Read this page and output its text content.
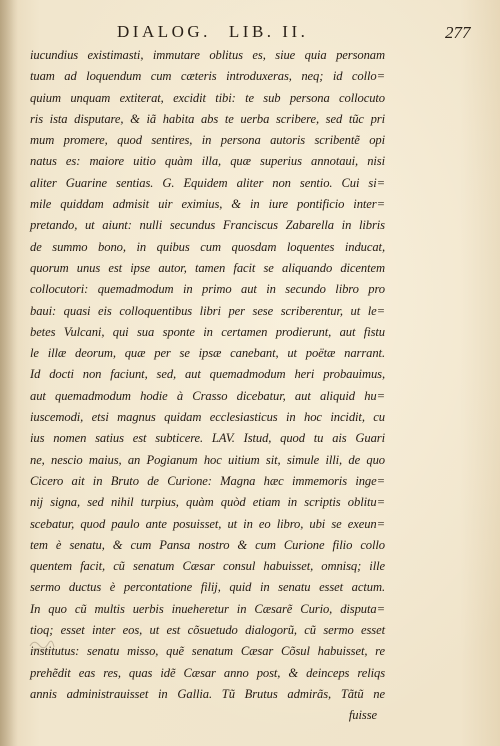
DIALOG. LIB. II.	277
iucundius existimasti, immutare oblitus es, siue quia personam
tuam ad loquendum cum cæteris introduxeras, neq; id collo=
quium unquam extiterat, excidit tibi: te sub persona collocuto
ris ista disputare, & iã habita abs te uerba scribere, sed tũc pri
mum promere, quod sentires, in persona autoris scribentẽ opi
natus es: maiore uitio quàm illa, quæ superius annotaui, nisi
aliter Guarine sentias. G. Equidem aliter non sentio. Cui si=
mile quiddam admisit uir eximius, & in iure pontificio inter=
pretando, ut aiunt: nulli secundus Franciscus Zabarella in libris
de summo bono, in quibus cum quosdam loquentes inducat,
quorum unus est ipse autor, tamen facit se aliquando dicentem
collocutori: quemadmodum in primo aut in secundo libro pro
baui: quasi eis colloquentibus libri per sese scriberentur, ut le=
betes Vulcani, qui sua sponte in certamen prodierunt, aut fistu
le illæ deorum, quæ per se ipsæ canebant, ut poëtæ narrant.
Id docti non faciunt, sed, aut quemadmodum heri probauimus,
aut quemadmodum hodie à Crasso dicebatur, aut aliquid hu=
iuscemodi, etsi magnus quidam ecclesiasticus in hoc incidit, cu
ius nomen satius est subticere. LAV. Istud, quod tu ais Guari
ne, nescio maius, an Pogianum hoc uitium sit, simule illi, de quo
Cicero ait in Bruto de Curione: Magna hæc immemoris inge=
nij signa, sed nihil turpius, quàm quòd etiam in scriptis oblitu=
scebatur, quod paulo ante posuisset, ut in eo libro, ubi se exeun=
tem è senatu, & cum Pansa nostro & cum Curione filio collo
quentem facit, cũ senatum Cæsar consul habuisset, omnisq; ille
sermo ductus è percontatione filij, quid in senatu esset actum.
In quo cũ multis uerbis inueheretur in Cæsarẽ Curio, disputa=
tioq; esset inter eos, ut est cõsuetudo dialogorũ, cũ sermo esset
institutus: senatu misso, quẽ senatum Cæsar Cõsul habuisset, re
prehẽdit eas res, quas idẽ Cæsar anno post, & deinceps reliqs
annis administrauisset in Gallia. Tũ Brutus admirãs, Tãtũ ne
fuisse
